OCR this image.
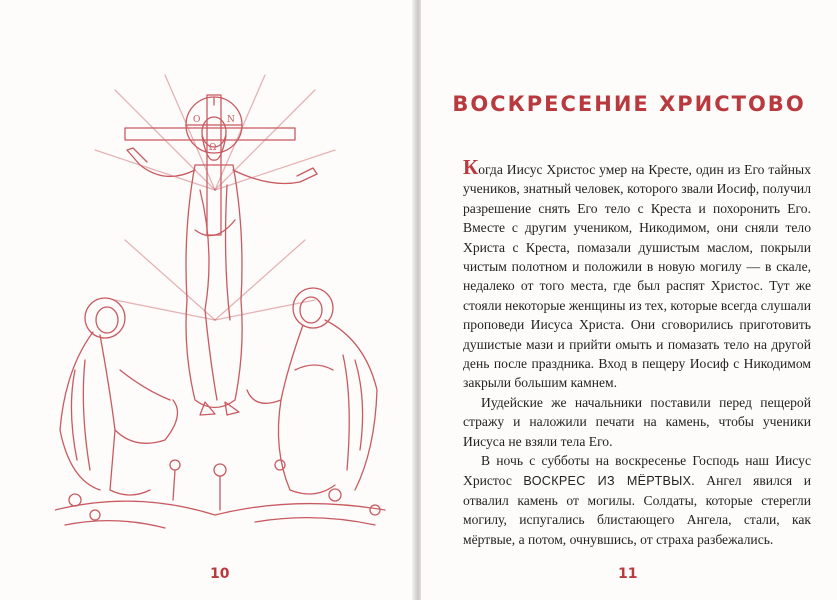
Ο
Ω
Ν
10
ВОСКРЕСЕНИЕ ХРИСТОВО

Когда Иисус Христос умер на Кресте, один из Его тайных учеников, знатный человек, которого звали Иосиф, получил разрешение снять Его тело с Креста и похоронить Его. Вместе с другим учеником, Никодимом, они сняли тело Христа с Креста, помазали душистым маслом, покрыли чистым полотном и положили в новую могилу — в скале, недалеко от того места, где был распят Христос. Тут же стояли некоторые женщины из тех, которые всегда слушали проповеди Иисуса Христа. Они сговорились приготовить душистые мази и прийти омыть и помазать тело на другой день после праздника. Вход в пещеру Иосиф с Никодимом закрыли большим камнем.

Иудейские же начальники поставили перед пещерой стражу и наложили печати на камень, чтобы ученики Иисуса не взяли тела Его.

В ночь с субботы на воскресенье Господь наш Иисус Христос ВОСКРЕС ИЗ МЁРТВЫХ. Ангел явился и отвалил камень от могилы. Солдаты, которые стерегли могилу, испугались блистающего Ангела, стали, как мёртвые, а потом, очнувшись, от страха разбежались.

11
